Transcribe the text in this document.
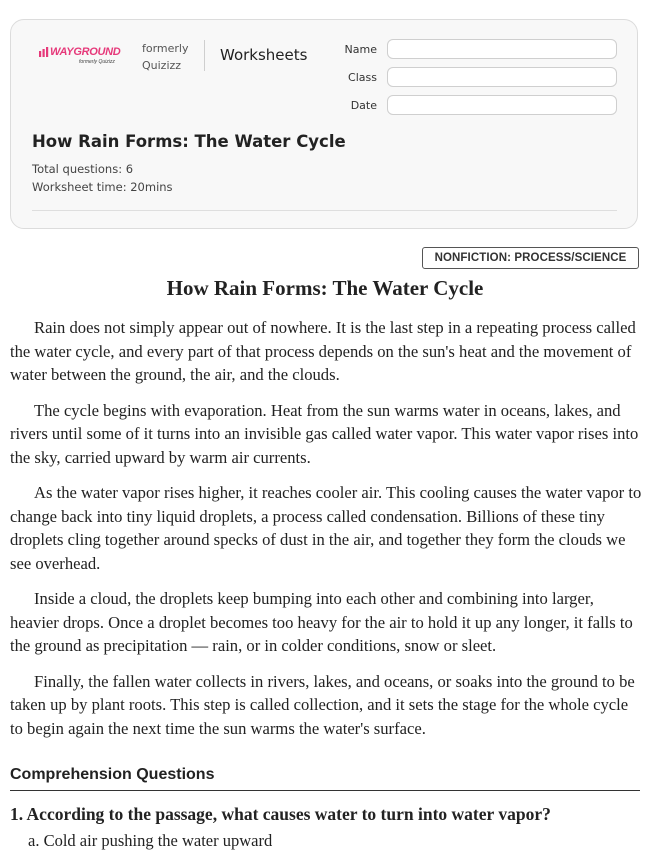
WAYGROUND
formerly Quizizz
formerly Quizizz
Worksheets	Name
Class
Date
How Rain Forms: The Water Cycle
Total questions: 6
Worksheet time: 20mins
NONFICTION: PROCESS/SCIENCE
How Rain Forms: The Water Cycle

Rain does not simply appear out of nowhere. It is the last step in a repeating process called the water cycle, and every part of that process depends on the sun's heat and the movement of water between the ground, the air, and the clouds.

The cycle begins with evaporation. Heat from the sun warms water in oceans, lakes, and rivers until some of it turns into an invisible gas called water vapor. This water vapor rises into the sky, carried upward by warm air currents.

As the water vapor rises higher, it reaches cooler air. This cooling causes the water vapor to change back into tiny liquid droplets, a process called condensation. Billions of these tiny droplets cling together around specks of dust in the air, and together they form the clouds we see overhead.

Inside a cloud, the droplets keep bumping into each other and combining into larger, heavier drops. Once a droplet becomes too heavy for the air to hold it up any longer, it falls to the ground as precipitation — rain, or in colder conditions, snow or sleet.

Finally, the fallen water collects in rivers, lakes, and oceans, or soaks into the ground to be taken up by plant roots. This step is called collection, and it sets the stage for the whole cycle to begin again the next time the sun warms the water's surface.

Comprehension Questions
1. According to the passage, what causes water to turn into water vapor?
a. Cold air pushing the water upward
